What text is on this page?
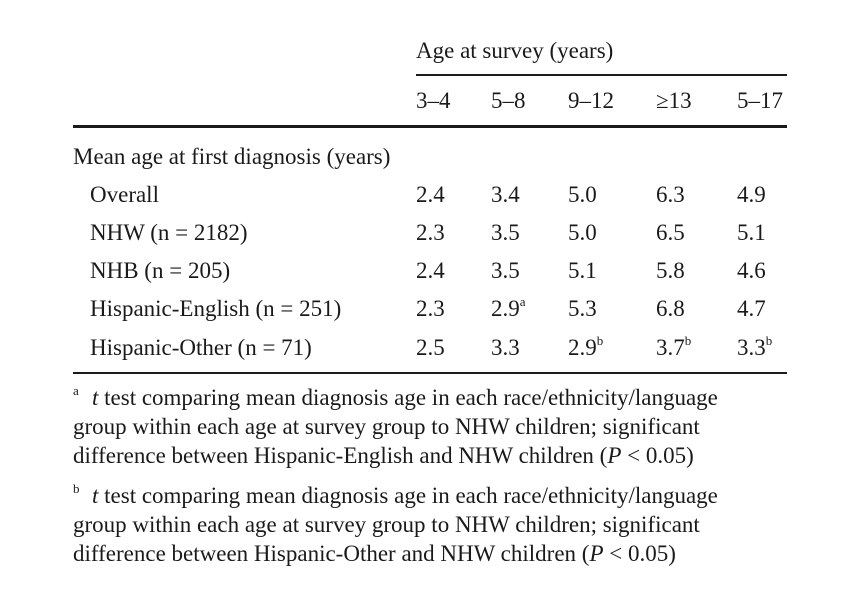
Age at survey (years)
3–4 5–8 9–12 ≥13 5–17
Mean age at first diagnosis (years)
Overall	2.4 3.4 5.0	6.3 4.9
NHW (n = 2182)	2.3 3.5 5.0	6.5 5.1
NHB (n = 205)	2.4 3.5 5.1	5.8 4.6
Hispanic-English (n = 251)	2.3 2.9$^a$ 5.3	6.8 4.7
Hispanic-Other (n = 71)	2.5 3.3 2.9$^b$ 3.7$^b$ 3.3$^b$
a t test comparing mean diagnosis age in each race/ethnicity/language
group within each age at survey group to NHW children; significant
difference between Hispanic-English and NHW children (P < 0.05)
b t test comparing mean diagnosis age in each race/ethnicity/language
group within each age at survey group to NHW children; significant
difference between Hispanic-Other and NHW children (P < 0.05)
